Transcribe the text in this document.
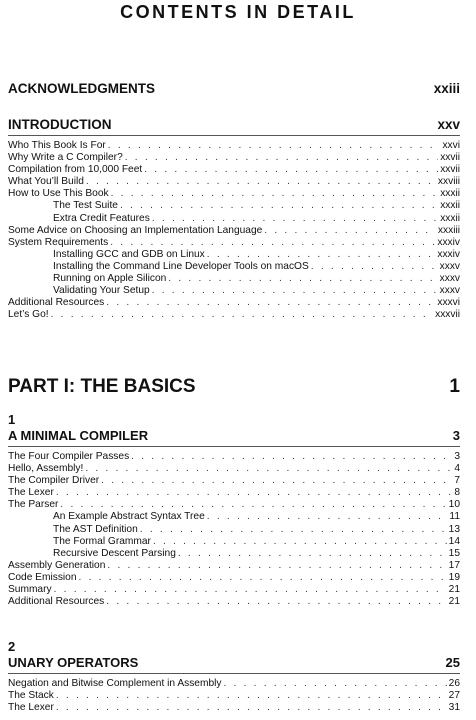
CONTENTS IN DETAIL
ACKNOWLEDGMENTS	xxiii
INTRODUCTION	xxv
Who This Book Is For . . .	xxvi
Why Write a C Compiler? . . .	xxvii
Compilation from 10,000 Feet . . .	xxvii
What You’ll Build . . .	xxviii
How to Use This Book . . .	xxxii
The Test Suite . . .	xxxii
Extra Credit Features . . .	xxxii
Some Advice on Choosing an Implementation Language . . .	xxxiii
System Requirements . . .	xxxiv
Installing GCC and GDB on Linux . . .	xxxiv
Installing the Command Line Developer Tools on macOS . . .	xxxv
Running on Apple Silicon . . .	xxxv
Validating Your Setup . . .	xxxv
Additional Resources . . .	xxxvi
Let’s Go! . . .	xxxvii
PART I: THE BASICS	1
1
A MINIMAL COMPILER	3
The Four Compiler Passes . . .	3
Hello, Assembly! . . .	4
The Compiler Driver . . .	7
The Lexer . . .	8
The Parser . . .	10
An Example Abstract Syntax Tree . . .	11
The AST Definition . . .	13
The Formal Grammar . . .	14
Recursive Descent Parsing . . .	15
Assembly Generation . . .	17
Code Emission . . .	19
Summary . . .	21
Additional Resources . . .	21
2
UNARY OPERATORS	25
Negation and Bitwise Complement in Assembly . . .	26
The Stack . . .	27
The Lexer . . .	31
